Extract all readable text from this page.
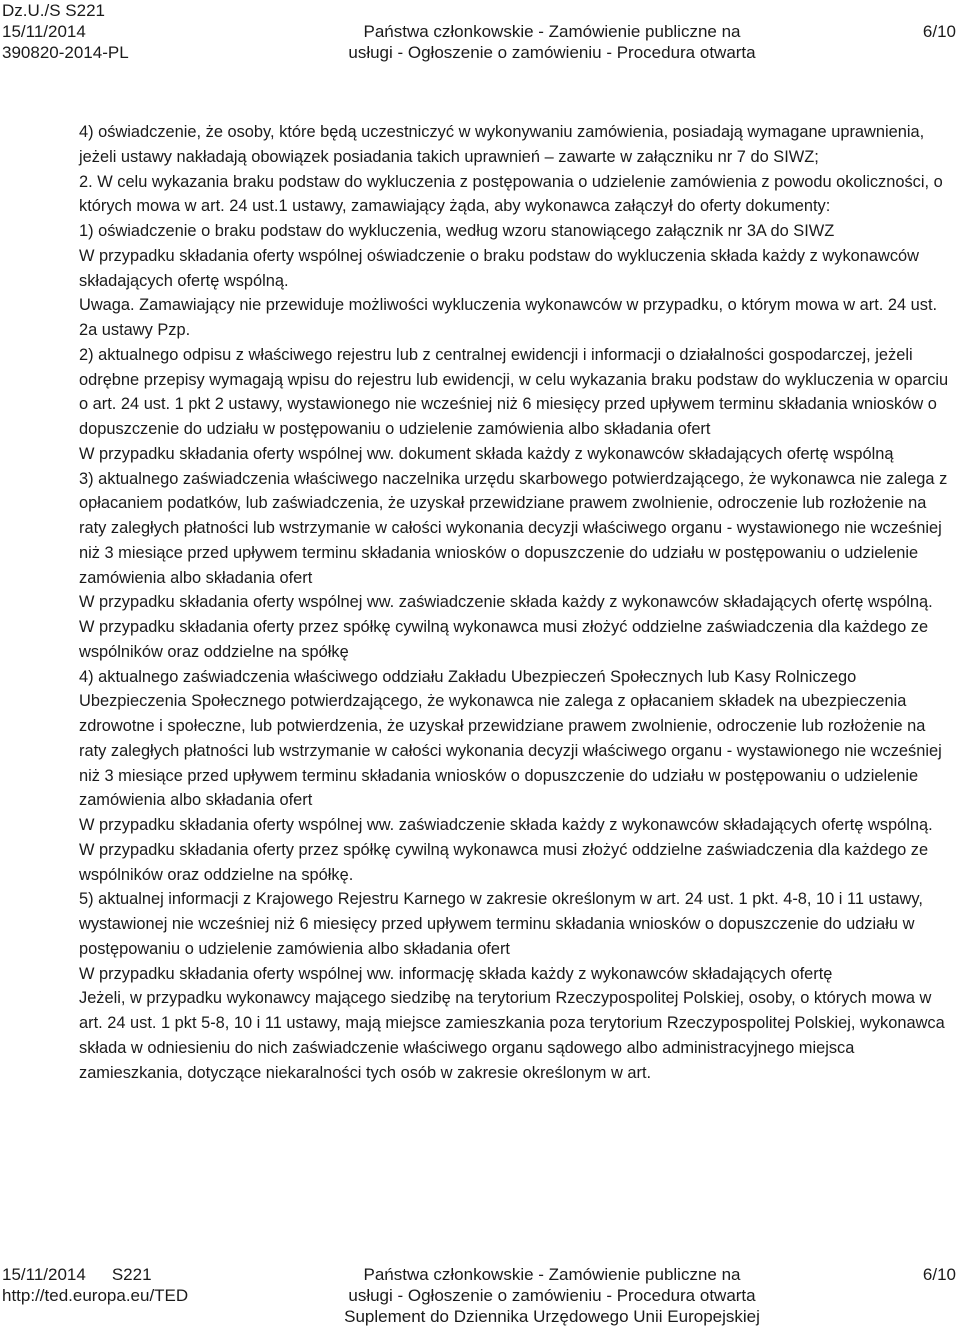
Dz.U./S S221
15/11/2014
390820-2014-PL

Państwa członkowskie - Zamówienie publiczne na
usługi - Ogłoszenie o zamówieniu - Procedura otwarta

6/10

4) oświadczenie, że osoby, które będą uczestniczyć w wykonywaniu zamówienia, posiadają wymagane uprawnienia, jeżeli ustawy nakładają obowiązek posiadania takich uprawnień – zawarte w załączniku nr 7 do SIWZ;

2. W celu wykazania braku podstaw do wykluczenia z postępowania o udzielenie zamówienia z powodu okoliczności, o których mowa w art. 24 ust.1 ustawy, zamawiający żąda, aby wykonawca załączył do oferty dokumenty:

1) oświadczenie o braku podstaw do wykluczenia, według wzoru stanowiącego załącznik nr 3A do SIWZ

W przypadku składania oferty wspólnej oświadczenie o braku podstaw do wykluczenia składa każdy z wykonawców składających ofertę wspólną.

Uwaga. Zamawiający nie przewiduje możliwości wykluczenia wykonawców w przypadku, o którym mowa w art. 24 ust. 2a ustawy Pzp.

2) aktualnego odpisu z właściwego rejestru lub z centralnej ewidencji i informacji o działalności gospodarczej, jeżeli odrębne przepisy wymagają wpisu do rejestru lub ewidencji, w celu wykazania braku podstaw do wykluczenia w oparciu o art. 24 ust. 1 pkt 2 ustawy, wystawionego nie wcześniej niż 6 miesięcy przed upływem terminu składania wniosków o dopuszczenie do udziału w postępowaniu o udzielenie zamówienia albo składania ofert

W przypadku składania oferty wspólnej ww. dokument składa każdy z wykonawców składających ofertę wspólną

3) aktualnego zaświadczenia właściwego naczelnika urzędu skarbowego potwierdzającego, że wykonawca nie zalega z opłacaniem podatków, lub zaświadczenia, że uzyskał przewidziane prawem zwolnienie, odroczenie lub rozłożenie na raty zaległych płatności lub wstrzymanie w całości wykonania decyzji właściwego organu - wystawionego nie wcześniej niż 3 miesiące przed upływem terminu składania wniosków o dopuszczenie do udziału w postępowaniu o udzielenie zamówienia albo składania ofert

W przypadku składania oferty wspólnej ww. zaświadczenie składa każdy z wykonawców składających ofertę wspólną.

W przypadku składania oferty przez spółkę cywilną wykonawca musi złożyć oddzielne zaświadczenia dla każdego ze wspólników oraz oddzielne na spółkę

4) aktualnego zaświadczenia właściwego oddziału Zakładu Ubezpieczeń Społecznych lub Kasy Rolniczego Ubezpieczenia Społecznego potwierdzającego, że wykonawca nie zalega z opłacaniem składek na ubezpieczenia zdrowotne i społeczne, lub potwierdzenia, że uzyskał przewidziane prawem zwolnienie, odroczenie lub rozłożenie na raty zaległych płatności lub wstrzymanie w całości wykonania decyzji właściwego organu - wystawionego nie wcześniej niż 3 miesiące przed upływem terminu składania wniosków o dopuszczenie do udziału w postępowaniu o udzielenie zamówienia albo składania ofert

W przypadku składania oferty wspólnej ww. zaświadczenie składa każdy z wykonawców składających ofertę wspólną.

W przypadku składania oferty przez spółkę cywilną wykonawca musi złożyć oddzielne zaświadczenia dla każdego ze wspólników oraz oddzielne na spółkę.

5) aktualnej informacji z Krajowego Rejestru Karnego w zakresie określonym w art. 24 ust. 1 pkt. 4-8, 10 i 11 ustawy, wystawionej nie wcześniej niż 6 miesięcy przed upływem terminu składania wniosków o dopuszczenie do udziału w postępowaniu o udzielenie zamówienia albo składania ofert

W przypadku składania oferty wspólnej ww. informację składa każdy z wykonawców składających ofertę

Jeżeli, w przypadku wykonawcy mającego siedzibę na terytorium Rzeczypospolitej Polskiej, osoby, o których mowa w art. 24 ust. 1 pkt 5-8, 10 i 11 ustawy, mają miejsce zamieszkania poza terytorium Rzeczypospolitej Polskiej, wykonawca składa w odniesieniu do nich zaświadczenie właściwego organu sądowego albo administracyjnego miejsca zamieszkania, dotyczące niekaralności tych osób w zakresie określonym w art.

15/11/2014 S221
http://ted.europa.eu/TED
Państwa członkowskie - Zamówienie publiczne na
usługi - Ogłoszenie o zamówieniu - Procedura otwarta
Suplement do Dziennika Urzędowego Unii Europejskiej
6/10
